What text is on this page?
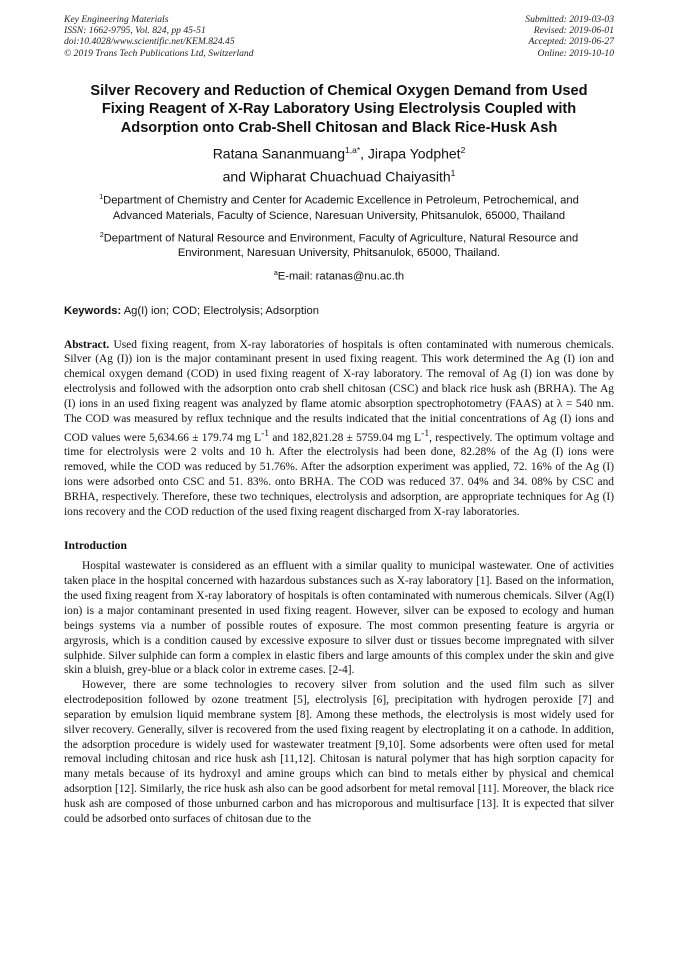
Key Engineering Materials
ISSN: 1662-9795, Vol. 824, pp 45-51
doi:10.4028/www.scientific.net/KEM.824.45
© 2019 Trans Tech Publications Ltd, Switzerland
Submitted: 2019-03-03
Revised: 2019-06-01
Accepted: 2019-06-27
Online: 2019-10-10
Silver Recovery and Reduction of Chemical Oxygen Demand from Used
Fixing Reagent of X-Ray Laboratory Using Electrolysis Coupled with
Adsorption onto Crab-Shell Chitosan and Black Rice-Husk Ash
Ratana Sananmuang$^{1,a*}$, Jirapa Yodphet$^2$
and Wipharat Chuachuad Chaiyasith$^1$
$^1$Department of Chemistry and Center for Academic Excellence in Petroleum, Petrochemical, and
Advanced Materials, Faculty of Science, Naresuan University, Phitsanulok, 65000, Thailand
$^2$Department of Natural Resource and Environment, Faculty of Agriculture, Natural Resource and
Environment, Naresuan University, Phitsanulok, 65000, Thailand.
$^a$E-mail: ratanas@nu.ac.th
Keywords: Ag(I) ion; COD; Electrolysis; Adsorption
Abstract. Used fixing reagent, from X-ray laboratories of hospitals is often contaminated with numerous chemicals. Silver (Ag (I)) ion is the major contaminant present in used fixing reagent. This work determined the Ag (I) ion and chemical oxygen demand (COD) in used fixing reagent of X-ray laboratory. The removal of Ag (I) ion was done by electrolysis and followed with the adsorption onto crab shell chitosan (CSC) and black rice husk ash (BRHA). The Ag (I) ions in an used fixing reagent was analyzed by flame atomic absorption spectrophotometry (FAAS) at λ = 540 nm. The COD was measured by reflux technique and the results indicated that the initial concentrations of Ag (I) ions and COD values were 5,634.66 ± 179.74 mg $L^{-1}$ and 182,821.28 ± 5759.04 mg $L^{-1}$, respectively. The optimum voltage and time for electrolysis were 2 volts and 10 h. After the electrolysis had been done, 82.28% of the Ag (I) ions were removed, while the COD was reduced by 51.76%. After the adsorption experiment was applied, 72. 16% of the Ag (I) ions were adsorbed onto CSC and 51. 83%. onto BRHA. The COD was reduced 37. 04% and 34. 08% by CSC and BRHA, respectively. Therefore, these two techniques, electrolysis and adsorption, are appropriate techniques for Ag (I) ions recovery and the COD reduction of the used fixing reagent discharged from X-ray laboratories.
Introduction

Hospital wastewater is considered as an effluent with a similar quality to municipal wastewater. One of activities taken place in the hospital concerned with hazardous substances such as X-ray laboratory [1]. Based on the information, the used fixing reagent from X-ray laboratory of hospitals is often contaminated with numerous chemicals. Silver (Ag(I) ion) is a major contaminant presented in used fixing reagent. However, silver can be exposed to ecology and human beings systems via a number of possible routes of exposure. The most common presenting feature is argyria or argyrosis, which is a condition caused by excessive exposure to silver dust or tissues become impregnated with silver sulphide. Silver sulphide can form a complex in elastic fibers and large amounts of this complex under the skin and give skin a bluish, grey-blue or a black color in extreme cases. [2-4].

However, there are some technologies to recovery silver from solution and the used film such as silver electrodeposition followed by ozone treatment [5], electrolysis [6], precipitation with hydrogen peroxide [7] and separation by emulsion liquid membrane system [8]. Among these methods, the electrolysis is most widely used for silver recovery. Generally, silver is recovered from the used fixing reagent by electroplating it on a cathode. In addition, the adsorption procedure is widely used for wastewater treatment [9,10]. Some adsorbents were often used for metal removal including chitosan and rice husk ash [11,12]. Chitosan is natural polymer that has high sorption capacity for many metals because of its hydroxyl and amine groups which can bind to metals either by physical and chemical adsorption [12]. Similarly, the rice husk ash also can be good adsorbent for metal removal [11]. Moreover, the black rice husk ash are composed of those unburned carbon and has microporous and multisurface [13]. It is expected that silver could be adsorbed onto surfaces of chitosan due to the
